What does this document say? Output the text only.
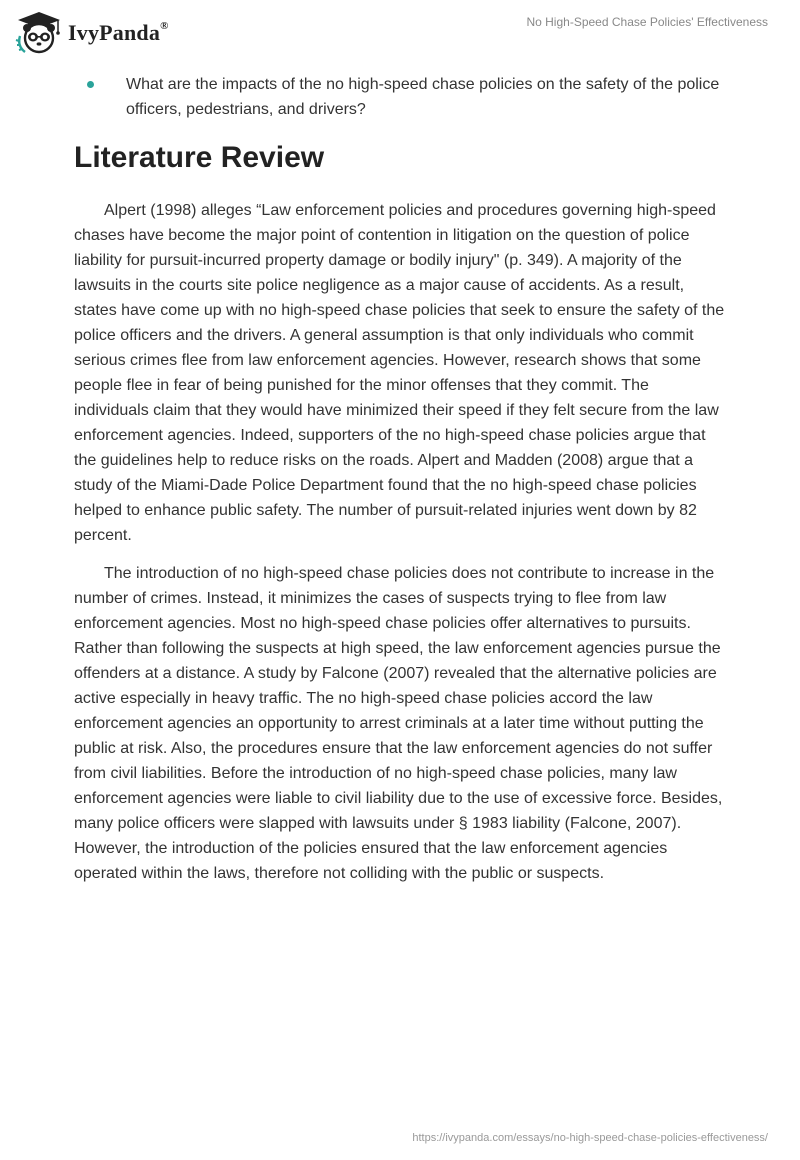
IvyPanda®	No High-Speed Chase Policies' Effectiveness
What are the impacts of the no high-speed chase policies on the safety of the police officers, pedestrians, and drivers?
Literature Review

Alpert (1998) alleges “Law enforcement policies and procedures governing high-speed chases have become the major point of contention in litigation on the question of police liability for pursuit-incurred property damage or bodily injury" (p. 349). A majority of the lawsuits in the courts site police negligence as a major cause of accidents. As a result, states have come up with no high-speed chase policies that seek to ensure the safety of the police officers and the drivers. A general assumption is that only individuals who commit serious crimes flee from law enforcement agencies. However, research shows that some people flee in fear of being punished for the minor offenses that they commit. The individuals claim that they would have minimized their speed if they felt secure from the law enforcement agencies. Indeed, supporters of the no high-speed chase policies argue that the guidelines help to reduce risks on the roads. Alpert and Madden (2008) argue that a study of the Miami-Dade Police Department found that the no high-speed chase policies helped to enhance public safety. The number of pursuit-related injuries went down by 82 percent.

The introduction of no high-speed chase policies does not contribute to increase in the number of crimes. Instead, it minimizes the cases of suspects trying to flee from law enforcement agencies. Most no high-speed chase policies offer alternatives to pursuits. Rather than following the suspects at high speed, the law enforcement agencies pursue the offenders at a distance. A study by Falcone (2007) revealed that the alternative policies are active especially in heavy traffic. The no high-speed chase policies accord the law enforcement agencies an opportunity to arrest criminals at a later time without putting the public at risk. Also, the procedures ensure that the law enforcement agencies do not suffer from civil liabilities. Before the introduction of no high-speed chase policies, many law enforcement agencies were liable to civil liability due to the use of excessive force. Besides, many police officers were slapped with lawsuits under § 1983 liability (Falcone, 2007). However, the introduction of the policies ensured that the law enforcement agencies operated within the laws, therefore not colliding with the public or suspects.

https://ivypanda.com/essays/no-high-speed-chase-policies-effectiveness/
